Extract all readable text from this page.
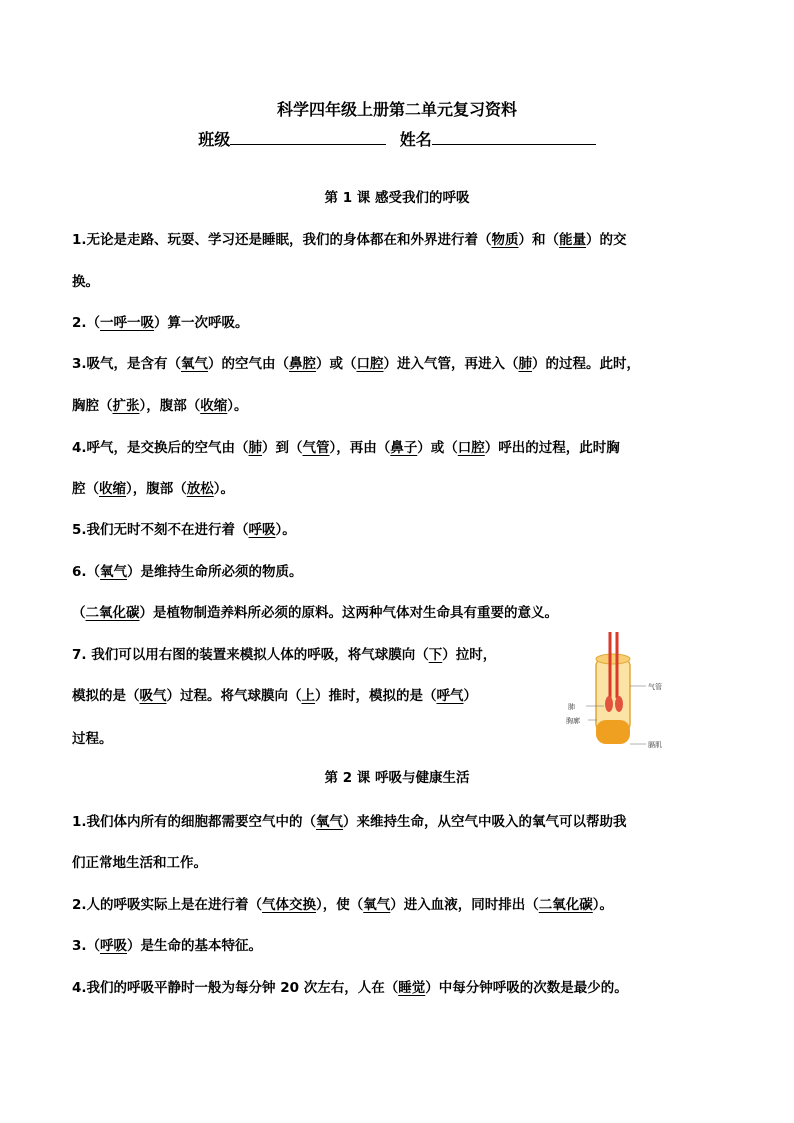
科学四年级上册第二单元复习资料
班级	姓名
第 1 课 感受我们的呼吸
1.无论是走路、玩耍、学习还是睡眠，我们的身体都在和外界进行着（物质）和（能量）的交
换。
2.（一呼一吸）算一次呼吸。
3.吸气，是含有（氧气）的空气由（鼻腔）或（口腔）进入气管，再进入（肺）的过程。此时，
胸腔（扩张），腹部（收缩）。
4.呼气，是交换后的空气由（肺）到（气管），再由（鼻子）或（口腔）呼出的过程，此时胸
腔（收缩），腹部（放松）。
5.我们无时不刻不在进行着（呼吸）。
6.（氧气）是维持生命所必须的物质。
（二氧化碳）是植物制造养料所必须的原料。这两种气体对生命具有重要的意义。
7. 我们可以用右图的装置来模拟人体的呼吸，将气球膜向（下）拉时，
模拟的是（吸气）过程。将气球膜向（上）推时，模拟的是（呼气）
过程。
气管
肺
胸廓
膈肌
第 2 课 呼吸与健康生活
1.我们体内所有的细胞都需要空气中的（氧气）来维持生命，从空气中吸入的氧气可以帮助我
们正常地生活和工作。
2.人的呼吸实际上是在进行着（气体交换），使（氧气）进入血液，同时排出（二氧化碳）。
3.（呼吸）是生命的基本特征。
4.我们的呼吸平静时一般为每分钟 20 次左右，人在（睡觉）中每分钟呼吸的次数是最少的。
